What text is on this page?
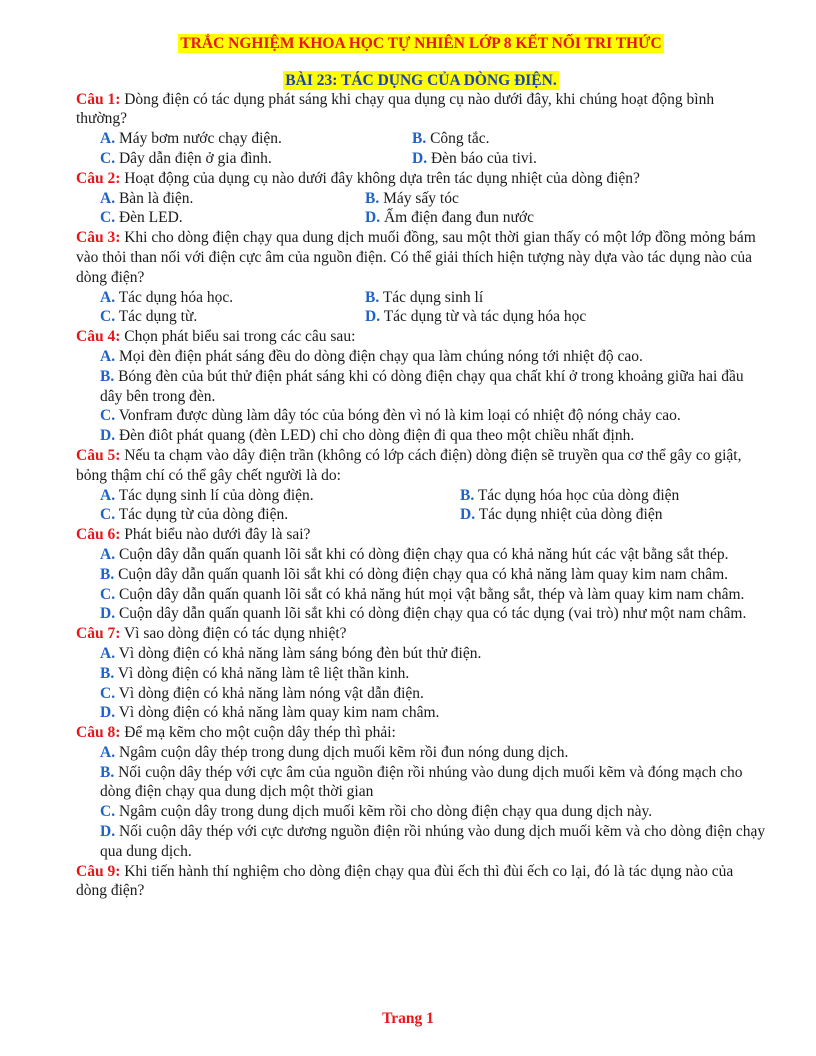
TRẮC NGHIỆM KHOA HỌC TỰ NHIÊN LỚP 8 KẾT NỐI TRI THỨC
BÀI 23: TÁC DỤNG CỦA DÒNG ĐIỆN.
Câu 1: Dòng điện có tác dụng phát sáng khi chạy qua dụng cụ nào dưới đây, khi chúng hoạt động bình thường?
A. Máy bơm nước chạy điện.	B. Công tắc.
C. Dây dẫn điện ở gia đình.	D. Đèn báo của tivi.
Câu 2: Hoạt động của dụng cụ nào dưới đây không dựa trên tác dụng nhiệt của dòng điện?
A. Bàn là điện.	B. Máy sấy tóc
C. Đèn LED.	D. Ấm điện đang đun nước
Câu 3: Khi cho dòng điện chạy qua dung dịch muối đồng, sau một thời gian thấy có một lớp đồng mỏng bám vào thỏi than nối với điện cực âm của nguồn điện. Có thể giải thích hiện tượng này dựa vào tác dụng nào của dòng điện?
A. Tác dụng hóa học.	B. Tác dụng sinh lí
C. Tác dụng từ.	D. Tác dụng từ và tác dụng hóa học
Câu 4: Chọn phát biểu sai trong các câu sau:
A. Mọi đèn điện phát sáng đều do dòng điện chạy qua làm chúng nóng tới nhiệt độ cao.
B. Bóng đèn của bút thử điện phát sáng khi có dòng điện chạy qua chất khí ở trong khoảng giữa hai đầu dây bên trong đèn.
C. Vonfram được dùng làm dây tóc của bóng đèn vì nó là kim loại có nhiệt độ nóng chảy cao.
D. Đèn điôt phát quang (đèn LED) chỉ cho dòng điện đi qua theo một chiều nhất định.
Câu 5: Nếu ta chạm vào dây điện trần (không có lớp cách điện) dòng điện sẽ truyền qua cơ thể gây co giật, bỏng thậm chí có thể gây chết người là do:
A. Tác dụng sinh lí của dòng điện.	B. Tác dụng hóa học của dòng điện
C. Tác dụng từ của dòng điện.	D. Tác dụng nhiệt của dòng điện
Câu 6: Phát biểu nào dưới đây là sai?
A. Cuộn dây dẫn quấn quanh lõi sắt khi có dòng điện chạy qua có khả năng hút các vật bằng sắt thép.
B. Cuộn dây dẫn quấn quanh lõi sắt khi có dòng điện chạy qua có khả năng làm quay kim nam châm.
C. Cuộn dây dẫn quấn quanh lõi sắt có khả năng hút mọi vật bằng sắt, thép và làm quay kim nam châm.
D. Cuộn dây dẫn quấn quanh lõi sắt khi có dòng điện chạy qua có tác dụng (vai trò) như một nam châm.
Câu 7: Vì sao dòng điện có tác dụng nhiệt?
A. Vì dòng điện có khả năng làm sáng bóng đèn bút thử điện.
B. Vì dòng điện có khả năng làm tê liệt thần kinh.
C. Vì dòng điện có khả năng làm nóng vật dẫn điện.
D. Vì dòng điện có khả năng làm quay kim nam châm.
Câu 8: Để mạ kẽm cho một cuộn dây thép thì phải:
A. Ngâm cuộn dây thép trong dung dịch muối kẽm rồi đun nóng dung dịch.
B. Nối cuộn dây thép với cực âm của nguồn điện rồi nhúng vào dung dịch muối kẽm và đóng mạch cho dòng điện chạy qua dung dịch một thời gian
C. Ngâm cuộn dây trong dung dịch muối kẽm rồi cho dòng điện chạy qua dung dịch này.
D. Nối cuộn dây thép với cực dương nguồn điện rồi nhúng vào dung dịch muối kẽm và cho dòng điện chạy qua dung dịch.
Câu 9: Khi tiến hành thí nghiệm cho dòng điện chạy qua đùi ếch thì đùi ếch co lại, đó là tác dụng nào của dòng điện?
Trang 1
